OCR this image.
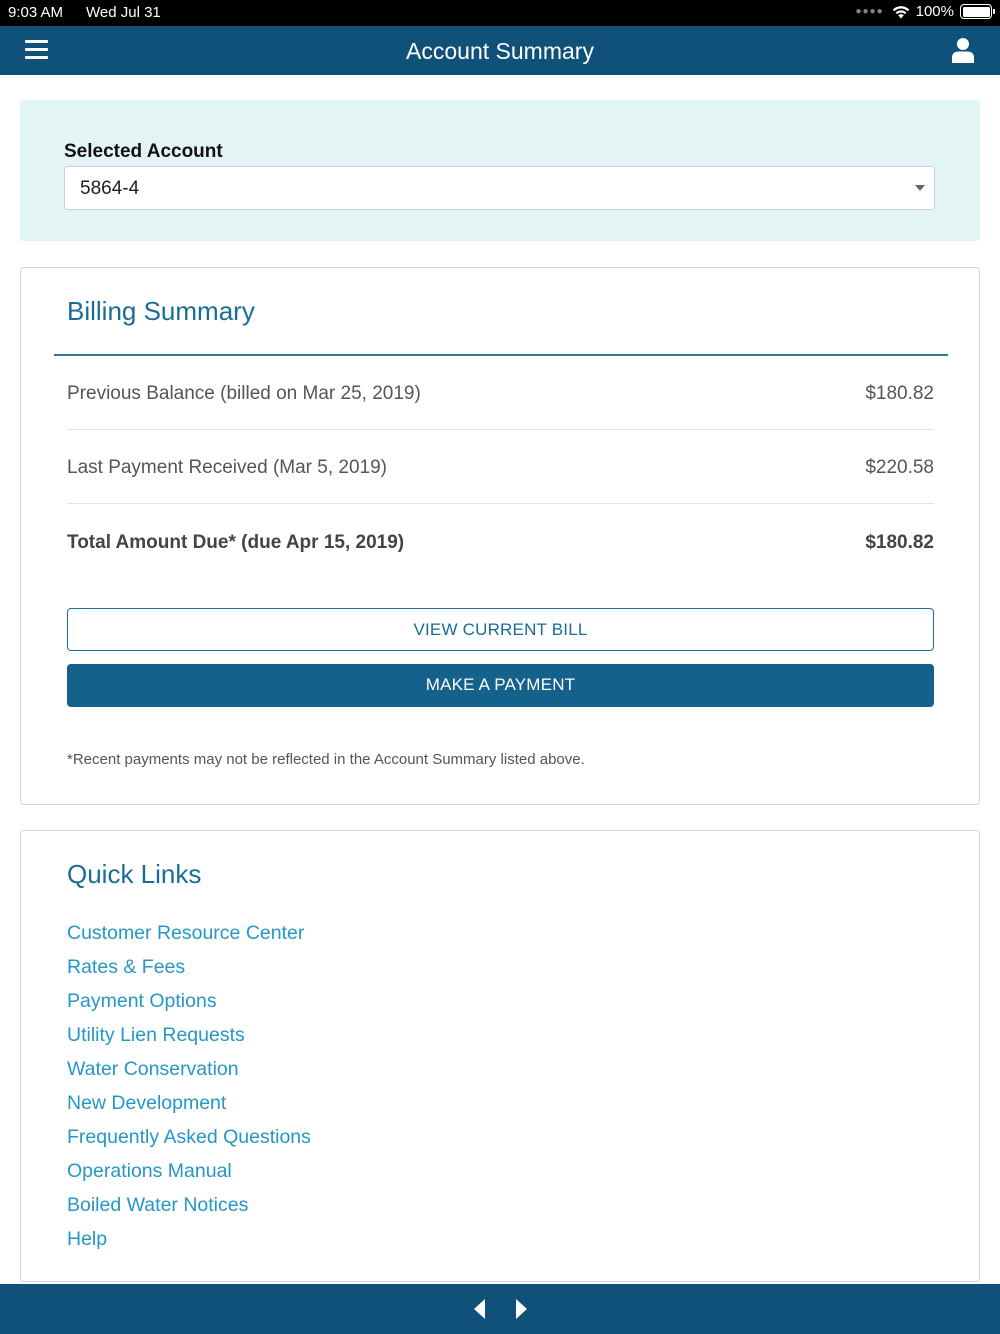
9:03 AM Wed Jul 31	●●●● 100%
Account Summary
Selected Account
5864-4
Billing Summary
Previous Balance (billed on Mar 25, 2019)	$180.82
Last Payment Received (Mar 5, 2019)	$220.58
Total Amount Due* (due Apr 15, 2019)	$180.82
VIEW CURRENT BILL
MAKE A PAYMENT
*Recent payments may not be reflected in the Account Summary listed above.
Quick Links
Customer Resource Center
Rates & Fees
Payment Options
Utility Lien Requests
Water Conservation
New Development
Frequently Asked Questions
Operations Manual
Boiled Water Notices
Help
